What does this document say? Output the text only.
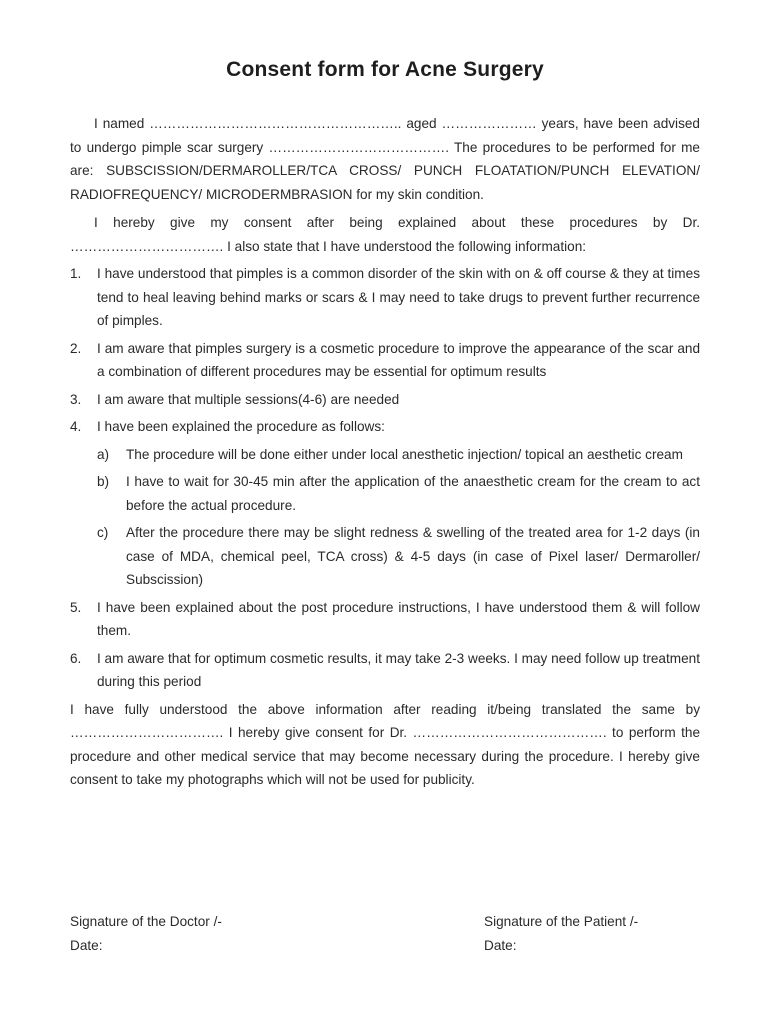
Consent form for Acne Surgery

I named ……………………………………………….. aged ………………… years, have been advised to undergo pimple scar surgery …………………………………. The procedures to be performed for me are: SUBSCISSION/DERMAROLLER/TCA CROSS/ PUNCH FLOATATION/PUNCH ELEVATION/ RADIOFREQUENCY/ MICRODERMBRASION for my skin condition.

I hereby give my consent after being explained about these procedures by Dr. ……………………………. I also state that I have understood the following information:

1. I have understood that pimples is a common disorder of the skin with on & off course & they at times tend to heal leaving behind marks or scars & I may need to take drugs to prevent further recurrence of pimples.
2. I am aware that pimples surgery is a cosmetic procedure to improve the appearance of the scar and a combination of different procedures may be essential for optimum results
3. I am aware that multiple sessions(4-6) are needed
4. I have been explained the procedure as follows:
a) The procedure will be done either under local anesthetic injection/ topical an aesthetic cream
b) I have to wait for 30-45 min after the application of the anaesthetic cream for the cream to act before the actual procedure.
c) After the procedure there may be slight redness & swelling of the treated area for 1-2 days (in case of MDA, chemical peel, TCA cross) & 4-5 days (in case of Pixel laser/ Dermaroller/ Subscission)
5. I have been explained about the post procedure instructions, I have understood them & will follow them.
6. I am aware that for optimum cosmetic results, it may take 2-3 weeks. I may need follow up treatment during this period

I have fully understood the above information after reading it/being translated the same by ……………………………. I hereby give consent for Dr. ……………………………………. to perform the procedure and other medical service that may become necessary during the procedure. I hereby give consent to take my photographs which will not be used for publicity.

Signature of the Doctor /-
Date:
Signature of the Patient /-
Date:
